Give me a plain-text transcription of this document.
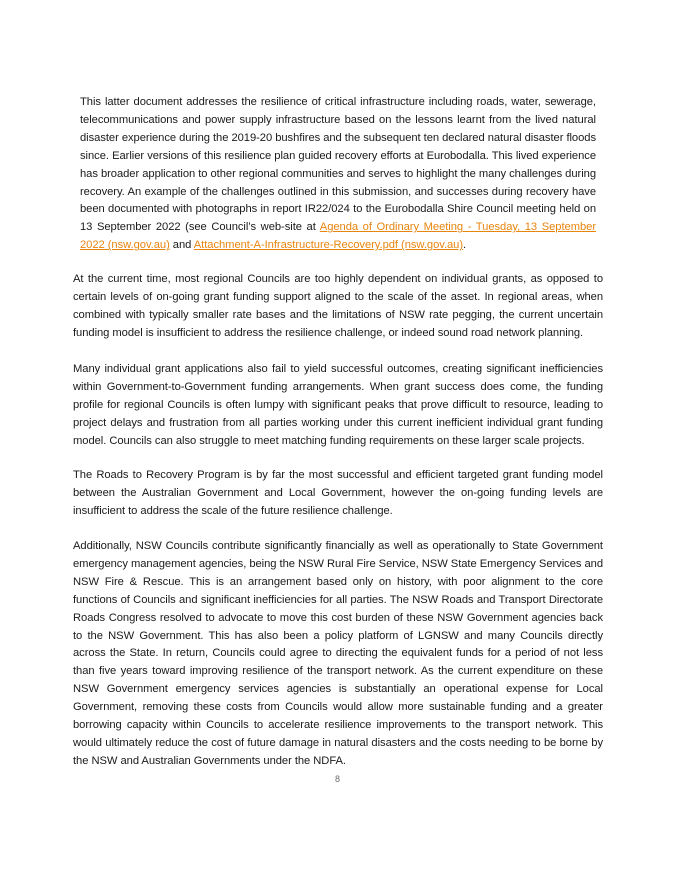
This latter document addresses the resilience of critical infrastructure including roads, water, sewerage, telecommunications and power supply infrastructure based on the lessons learnt from the lived natural disaster experience during the 2019-20 bushfires and the subsequent ten declared natural disaster floods since. Earlier versions of this resilience plan guided recovery efforts at Eurobodalla. This lived experience has broader application to other regional communities and serves to highlight the many challenges during recovery. An example of the challenges outlined in this submission, and successes during recovery have been documented with photographs in report IR22/024 to the Eurobodalla Shire Council meeting held on 13 September 2022 (see Council’s web-site at Agenda of Ordinary Meeting - Tuesday, 13 September 2022 (nsw.gov.au) and Attachment-A-Infrastructure-Recovery.pdf (nsw.gov.au).

At the current time, most regional Councils are too highly dependent on individual grants, as opposed to certain levels of on-going grant funding support aligned to the scale of the asset. In regional areas, when combined with typically smaller rate bases and the limitations of NSW rate pegging, the current uncertain funding model is insufficient to address the resilience challenge, or indeed sound road network planning.

Many individual grant applications also fail to yield successful outcomes, creating significant inefficiencies within Government-to-Government funding arrangements. When grant success does come, the funding profile for regional Councils is often lumpy with significant peaks that prove difficult to resource, leading to project delays and frustration from all parties working under this current inefficient individual grant funding model. Councils can also struggle to meet matching funding requirements on these larger scale projects.

The Roads to Recovery Program is by far the most successful and efficient targeted grant funding model between the Australian Government and Local Government, however the on-going funding levels are insufficient to address the scale of the future resilience challenge.

Additionally, NSW Councils contribute significantly financially as well as operationally to State Government emergency management agencies, being the NSW Rural Fire Service, NSW State Emergency Services and NSW Fire & Rescue. This is an arrangement based only on history, with poor alignment to the core functions of Councils and significant inefficiencies for all parties. The NSW Roads and Transport Directorate Roads Congress resolved to advocate to move this cost burden of these NSW Government agencies back to the NSW Government. This has also been a policy platform of LGNSW and many Councils directly across the State. In return, Councils could agree to directing the equivalent funds for a period of not less than five years toward improving resilience of the transport network. As the current expenditure on these NSW Government emergency services agencies is substantially an operational expense for Local Government, removing these costs from Councils would allow more sustainable funding and a greater borrowing capacity within Councils to accelerate resilience improvements to the transport network. This would ultimately reduce the cost of future damage in natural disasters and the costs needing to be borne by the NSW and Australian Governments under the NDFA.

8
